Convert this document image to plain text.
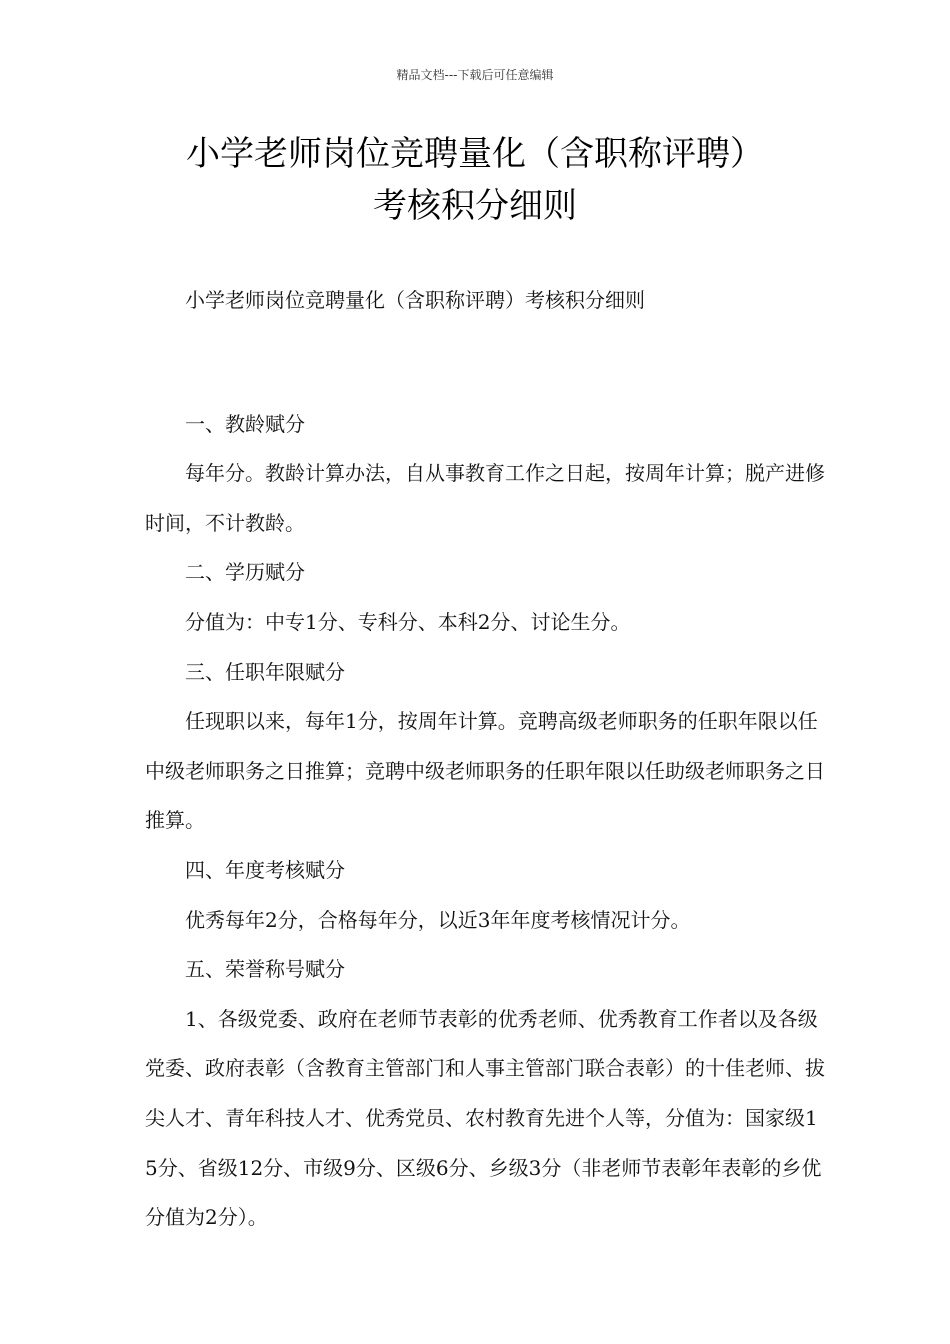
精品文档---下载后可任意编辑
小学老师岗位竞聘量化（含职称评聘）
考核积分细则

小学老师岗位竞聘量化（含职称评聘）考核积分细则

一、教龄赋分

每年分。教龄计算办法，自从事教育工作之日起，按周年计算；脱产进修时间，不计教龄。

二、学历赋分

分值为：中专1分、专科分、本科2分、讨论生分。

三、任职年限赋分

任现职以来，每年1分，按周年计算。竞聘高级老师职务的任职年限以任中级老师职务之日推算；竞聘中级老师职务的任职年限以任助级老师职务之日推算。

四、年度考核赋分

优秀每年2分，合格每年分，以近3年年度考核情况计分。

五、荣誉称号赋分

1、各级党委、政府在老师节表彰的优秀老师、优秀教育工作者以及各级党委、政府表彰（含教育主管部门和人事主管部门联合表彰）的十佳老师、拔尖人才、青年科技人才、优秀党员、农村教育先进个人等，分值为：国家级15分、省级12分、市级9分、区级6分、乡级3分（非老师节表彰年表彰的乡优分值为2分）。
